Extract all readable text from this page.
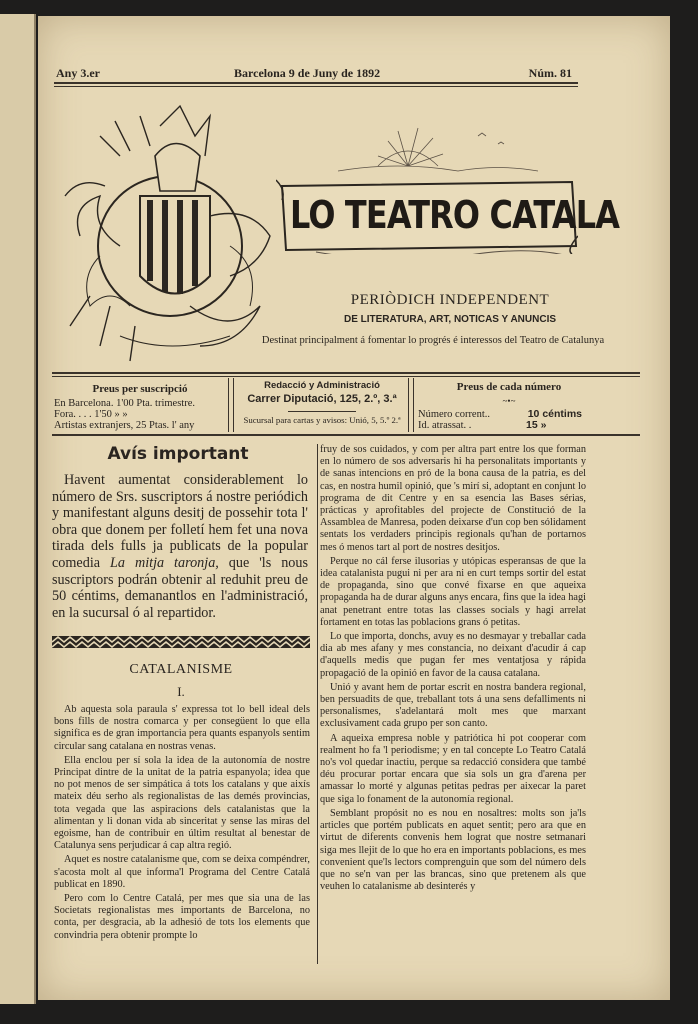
Any 3.er	Barcelona 9 de Juny de 1892	Núm. 81
LO TEATRO CATALA
PERIÒDICH INDEPENDENT
DE LITERATURA, ART, NOTICAS Y ANUNCIS
Destinat principalment á fomentar lo progrés é interessos del Teatro de Catalunya
Preus per suscripció
En Barcelona. 1'00 Pta. trimestre.
Fora. . . . 1'50 » »
Artistas extranjers, 25 Ptas. l' any
Redacció y Administració
Carrer Diputació, 125, 2.º, 3.ª
Sucursal para cartas y avisos: Unió, 5, 5.º 2.ª
Preus de cada número
~•~
Número corrent..	10 céntims
Id. atrassat. .	15 »
Avís important

Havent aumentat considerablement lo número de Srs. suscriptors á nostre periódich y manifestant alguns desitj de possehir tota l' obra que donem per folletí hem fet una nova tirada dels fulls ja publicats de la popular comedia La mitja taronja, que 'ls nous suscriptors podrán obtenir al reduhit preu de 50 céntims, demanantlos en l'administració, en la sucursal ó al repartidor.

CATALANISME
I.

Ab aquesta sola paraula s' expressa tot lo bell ideal dels bons fills de nostra comarca y per consegüent lo que ella significa es de gran importancia pera quants espanyols sentim circular sang catalana en nostras venas.

Ella enclou per sí sola la idea de la autonomía de nostre Principat dintre de la unitat de la patria espanyola; idea que no pot menos de ser simpática á tots los catalans y que aixís mateix déu serho als regionalistas de las demés provincias, tota vegada que las aspiracions dels catalanistas que la alimentan y li donan vida ab sinceritat y sense las miras del egoisme, han de contribuir en últim resultat al benestar de Catalunya sens perjudicar á cap altra regió.

Aquet es nostre catalanisme que, com se deixa compéndrer, s'acosta molt al que informa'l Programa del Centre Catalá publicat en 1890.

Pero com lo Centre Catalá, per mes que sia una de las Societats regionalistas mes importants de Barcelona, no conta, per desgracia, ab la adhesió de tots los elements que convindria pera obtenir prompte lo

fruy de sos cuidados, y com per altra part entre los que forman en lo número de sos adversaris hi ha personalitats importants y de sanas intencions en pró de la bona causa de la patria, es del cas, en nostra humil opinió, que 's mirí si, adoptant en conjunt lo programa de dit Centre y en sa esencia las Bases sérias, prácticas y aprofitables del projecte de Constitució de la Assamblea de Manresa, poden deixarse d'un cop ben sólidament sentats los verdaders principis regionals qu'han de portarnos mes ó menos tart al port de nostres desitjos.

Perque no cál ferse ilusorias y utópicas esperansas de que la idea catalanista pugui ni per ara ni en curt temps sortir del estat de propaganda, sino que convé fixarse en que aqueixa propaganda ha de durar alguns anys encara, fins que la idea hagi anat penetrant entre totas las classes socials y hagi arrelat fortament en totas las poblacions grans ó petitas.

Lo que importa, donchs, avuy es no desmayar y treballar cada dia ab mes afany y mes constancia, no deixant d'acudir á cap d'aquells medis que pugan fer mes ventatjosa y rápida propagació de la opinió en favor de la causa catalana.

Unió y avant hem de portar escrit en nostra bandera regional, ben persuadits de que, treballant tots á una sens defalliments ni personalismes, s'adelantará molt mes que marxant exclusivament cada grupo per son canto.

A aqueixa empresa noble y patriótica hi pot cooperar com realment ho fa 'l periodisme; y en tal concepte Lo Teatro Catalá no's vol quedar inactiu, perque sa redacció considera que també déu procurar portar encara que sia sols un gra d'arena per amassar lo morté y algunas petitas pedras per aixecar la paret que siga lo fonament de la autonomía regional.

Semblant propósit no es nou en nosaltres: molts son ja'ls articles que portém publicats en aquet sentit; pero ara que en virtut de diferents convenis hem lograt que nostre setmanari siga mes llejit de lo que ho era en importants poblacions, es mes convenient que'ls lectors comprenguin que som del número dels que no se'n van per las brancas, sino que pretenem als que veuhen lo catalanisme ab desinterés y
